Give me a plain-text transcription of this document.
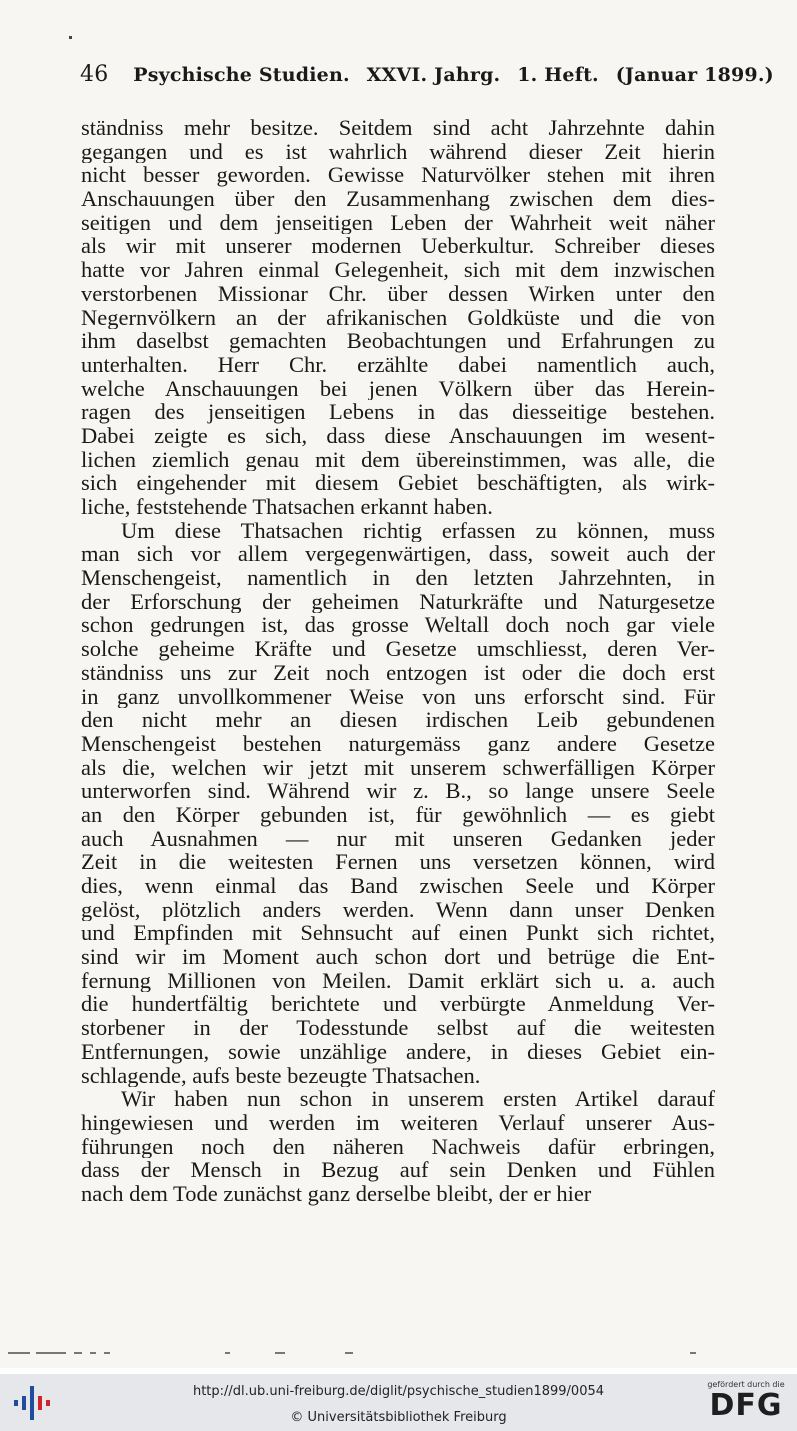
46 Psychische Studien. XXVI. Jahrg. 1. Heft. (Januar 1899.)
ständniss mehr besitze. Seitdem sind acht Jahrzehnte dahin
gegangen und es ist wahrlich während dieser Zeit hierin
nicht besser geworden. Gewisse Naturvölker stehen mit ihren
Anschauungen über den Zusammenhang zwischen dem dies-
seitigen und dem jenseitigen Leben der Wahrheit weit näher
als wir mit unserer modernen Ueberkultur. Schreiber dieses
hatte vor Jahren einmal Gelegenheit, sich mit dem inzwischen
verstorbenen Missionar Chr. über dessen Wirken unter den
Negernvölkern an der afrikanischen Goldküste und die von
ihm daselbst gemachten Beobachtungen und Erfahrungen zu
unterhalten. Herr Chr. erzählte dabei namentlich auch,
welche Anschauungen bei jenen Völkern über das Herein-
ragen des jenseitigen Lebens in das diesseitige bestehen.
Dabei zeigte es sich, dass diese Anschauungen im wesent-
lichen ziemlich genau mit dem übereinstimmen, was alle, die
sich eingehender mit diesem Gebiet beschäftigten, als wirk-
liche, feststehende Thatsachen erkannt haben.
Um diese Thatsachen richtig erfassen zu können, muss
man sich vor allem vergegenwärtigen, dass, soweit auch der
Menschengeist, namentlich in den letzten Jahrzehnten, in
der Erforschung der geheimen Naturkräfte und Naturgesetze
schon gedrungen ist, das grosse Weltall doch noch gar viele
solche geheime Kräfte und Gesetze umschliesst, deren Ver-
ständniss uns zur Zeit noch entzogen ist oder die doch erst
in ganz unvollkommener Weise von uns erforscht sind. Für
den nicht mehr an diesen irdischen Leib gebundenen
Menschengeist bestehen naturgemäss ganz andere Gesetze
als die, welchen wir jetzt mit unserem schwerfälligen Körper
unterworfen sind. Während wir z. B., so lange unsere Seele
an den Körper gebunden ist, für gewöhnlich — es giebt
auch Ausnahmen — nur mit unseren Gedanken jeder
Zeit in die weitesten Fernen uns versetzen können, wird
dies, wenn einmal das Band zwischen Seele und Körper
gelöst, plötzlich anders werden. Wenn dann unser Denken
und Empfinden mit Sehnsucht auf einen Punkt sich richtet,
sind wir im Moment auch schon dort und betrüge die Ent-
fernung Millionen von Meilen. Damit erklärt sich u. a. auch
die hundertfältig berichtete und verbürgte Anmeldung Ver-
storbener in der Todesstunde selbst auf die weitesten
Entfernungen, sowie unzählige andere, in dieses Gebiet ein-
schlagende, aufs beste bezeugte Thatsachen.
Wir haben nun schon in unserem ersten Artikel darauf
hingewiesen und werden im weiteren Verlauf unserer Aus-
führungen noch den näheren Nachweis dafür erbringen,
dass der Mensch in Bezug auf sein Denken und Fühlen
nach dem Tode zunächst ganz derselbe bleibt, der er hier
http://dl.ub.uni-freiburg.de/diglit/psychische_studien1899/0054
© Universitätsbibliothek Freiburg
gefördert durch die
DFG
